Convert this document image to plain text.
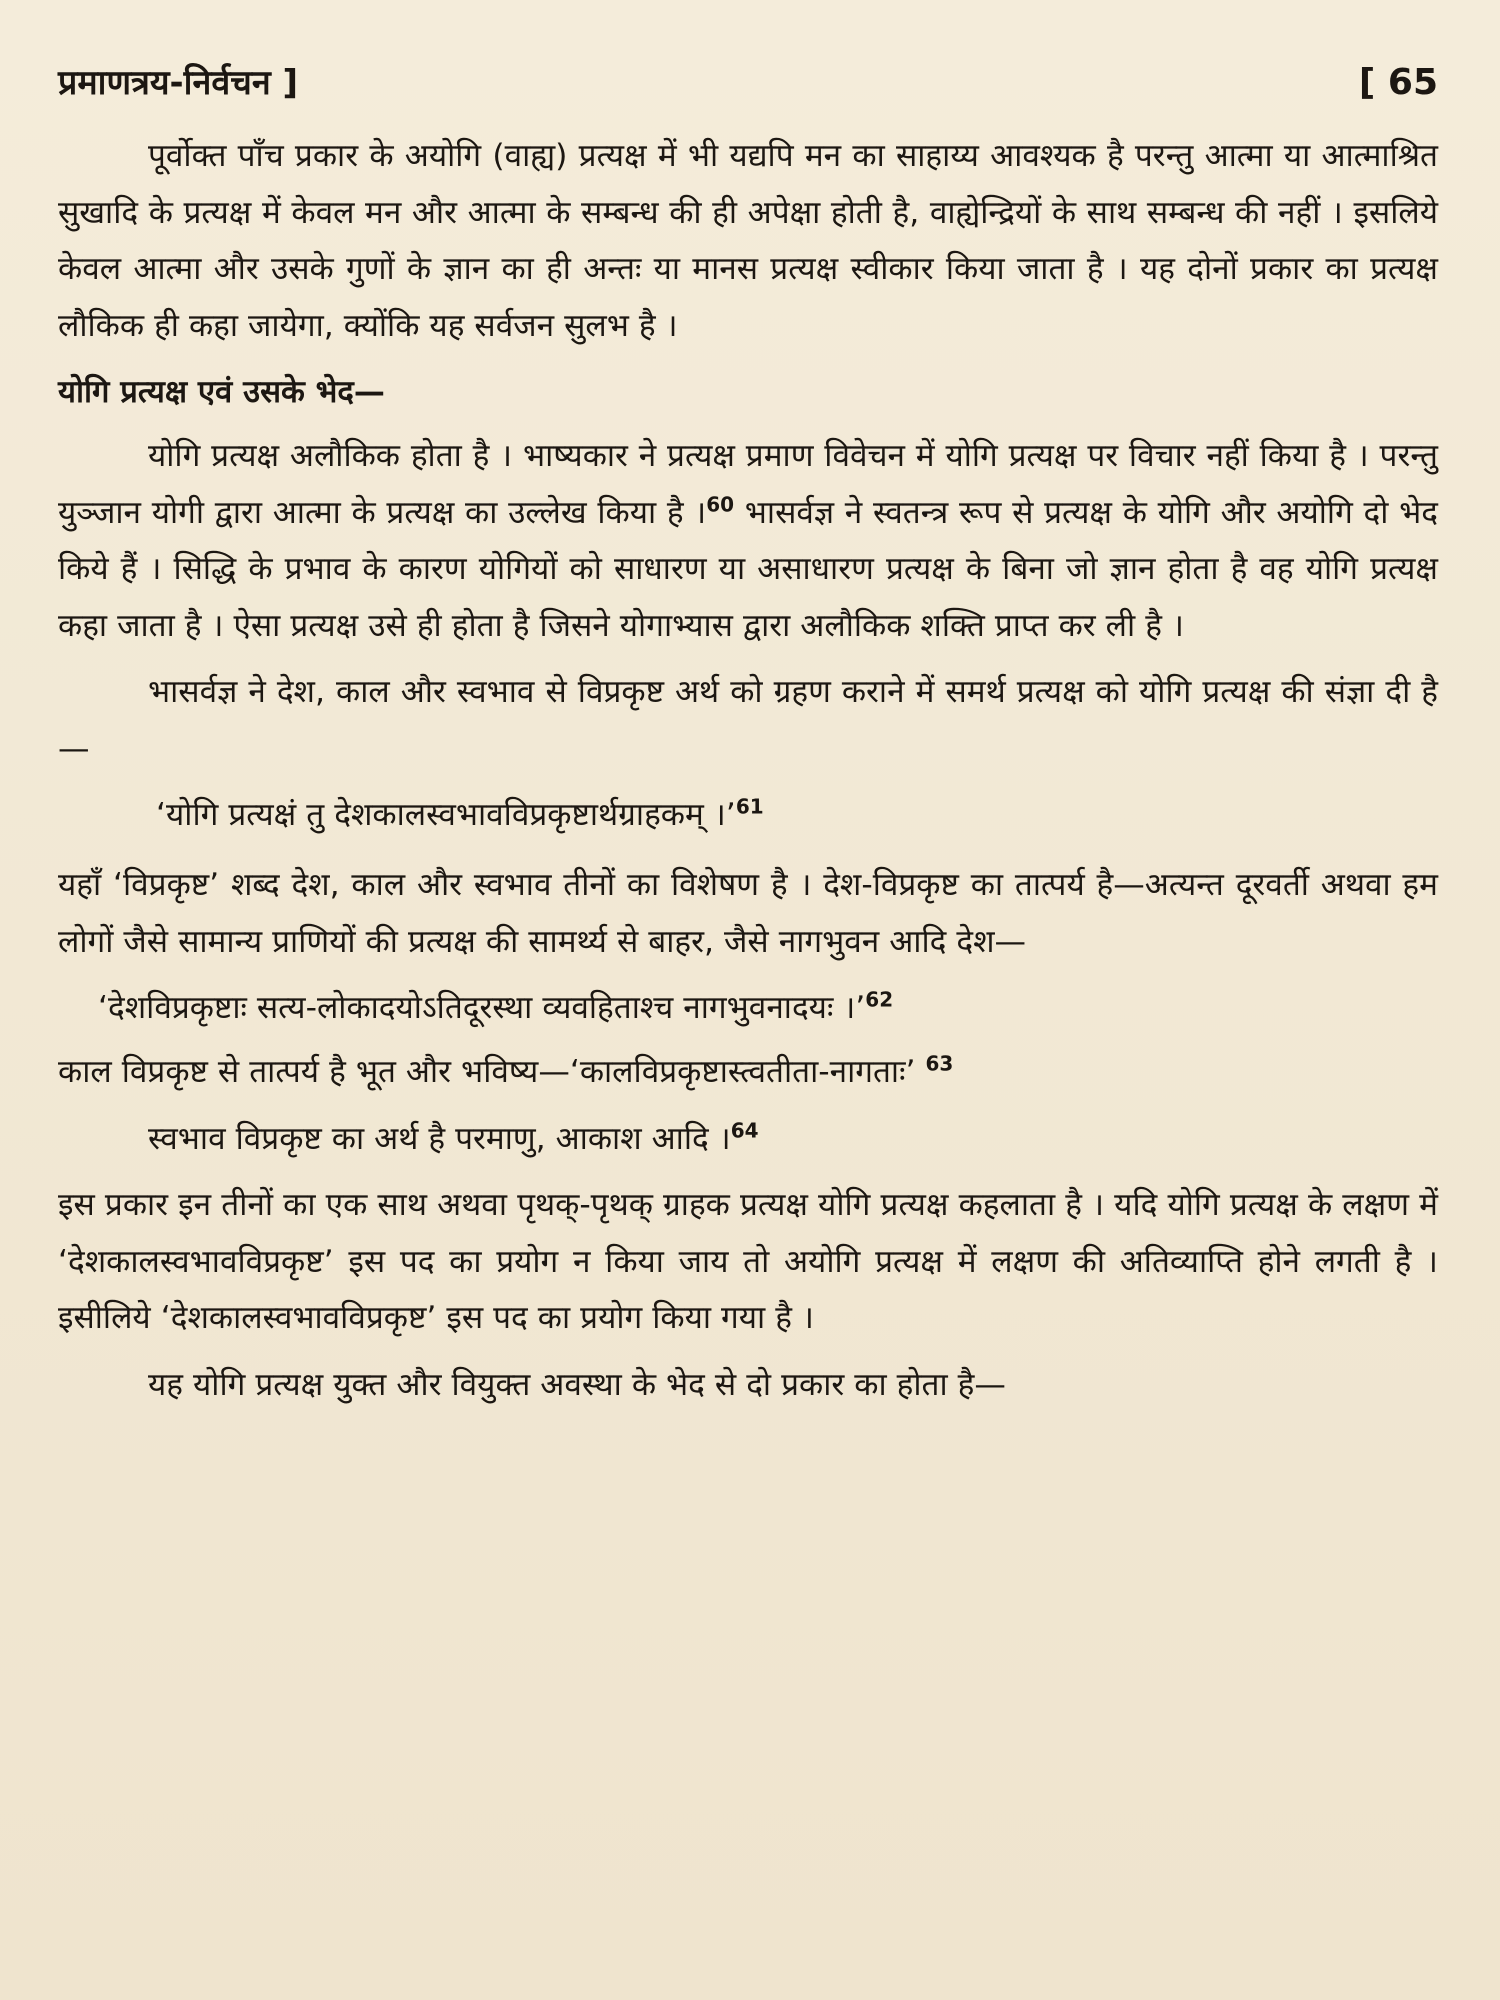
प्रमाणत्रय-निर्वचन ]	[ 65

पूर्वोक्त पाँच प्रकार के अयोगि (वाह्य) प्रत्यक्ष में भी यद्यपि मन का साहाय्य आवश्यक है परन्तु आत्मा या आत्माश्रित सुखादि के प्रत्यक्ष में केवल मन और आत्मा के सम्बन्ध की ही अपेक्षा होती है, वाह्येन्द्रियों के साथ सम्बन्ध की नहीं । इसलिये केवल आत्मा और उसके गुणों के ज्ञान का ही अन्तः या मानस प्रत्यक्ष स्वीकार किया जाता है । यह दोनों प्रकार का प्रत्यक्ष लौकिक ही कहा जायेगा, क्योंकि यह सर्वजन सुलभ है ।

योगि प्रत्यक्ष एवं उसके भेद—

योगि प्रत्यक्ष अलौकिक होता है । भाष्यकार ने प्रत्यक्ष प्रमाण विवेचन में योगि प्रत्यक्ष पर विचार नहीं किया है । परन्तु युञ्जान योगी द्वारा आत्मा के प्रत्यक्ष का उल्लेख किया है ।$^{60}$ भासर्वज्ञ ने स्वतन्त्र रूप से प्रत्यक्ष के योगि और अयोगि दो भेद किये हैं । सिद्धि के प्रभाव के कारण योगियों को साधारण या असाधारण प्रत्यक्ष के बिना जो ज्ञान होता है वह योगि प्रत्यक्ष कहा जाता है । ऐसा प्रत्यक्ष उसे ही होता है जिसने योगाभ्यास द्वारा अलौकिक शक्ति प्राप्त कर ली है ।

भासर्वज्ञ ने देश, काल और स्वभाव से विप्रकृष्ट अर्थ को ग्रहण कराने में समर्थ प्रत्यक्ष को योगि प्रत्यक्ष की संज्ञा दी है—

‘योगि प्रत्यक्षं तु देशकालस्वभावविप्रकृष्टार्थग्राहकम् ।’$^{61}$

यहाँ ‘विप्रकृष्ट’ शब्द देश, काल और स्वभाव तीनों का विशेषण है । देश-विप्रकृष्ट का तात्पर्य है—अत्यन्त दूरवर्ती अथवा हम लोगों जैसे सामान्य प्राणियों की प्रत्यक्ष की सामर्थ्य से बाहर, जैसे नागभुवन आदि देश—

‘देशविप्रकृष्टाः सत्य-लोकादयोऽतिदूरस्था व्यवहिताश्च नागभुवनादयः ।’$^{62}$

काल विप्रकृष्ट से तात्पर्य है भूत और भविष्य—‘कालविप्रकृष्टास्त्वतीता-नागताः’ $^{63}$

स्वभाव विप्रकृष्ट का अर्थ है परमाणु, आकाश आदि ।$^{64}$

इस प्रकार इन तीनों का एक साथ अथवा पृथक्-पृथक् ग्राहक प्रत्यक्ष योगि प्रत्यक्ष कहलाता है । यदि योगि प्रत्यक्ष के लक्षण में ‘देशकालस्वभावविप्रकृष्ट’ इस पद का प्रयोग न किया जाय तो अयोगि प्रत्यक्ष में लक्षण की अतिव्याप्ति होने लगती है । इसीलिये ‘देशकालस्वभावविप्रकृष्ट’ इस पद का प्रयोग किया गया है ।

यह योगि प्रत्यक्ष युक्त और वियुक्त अवस्था के भेद से दो प्रकार का होता है—
